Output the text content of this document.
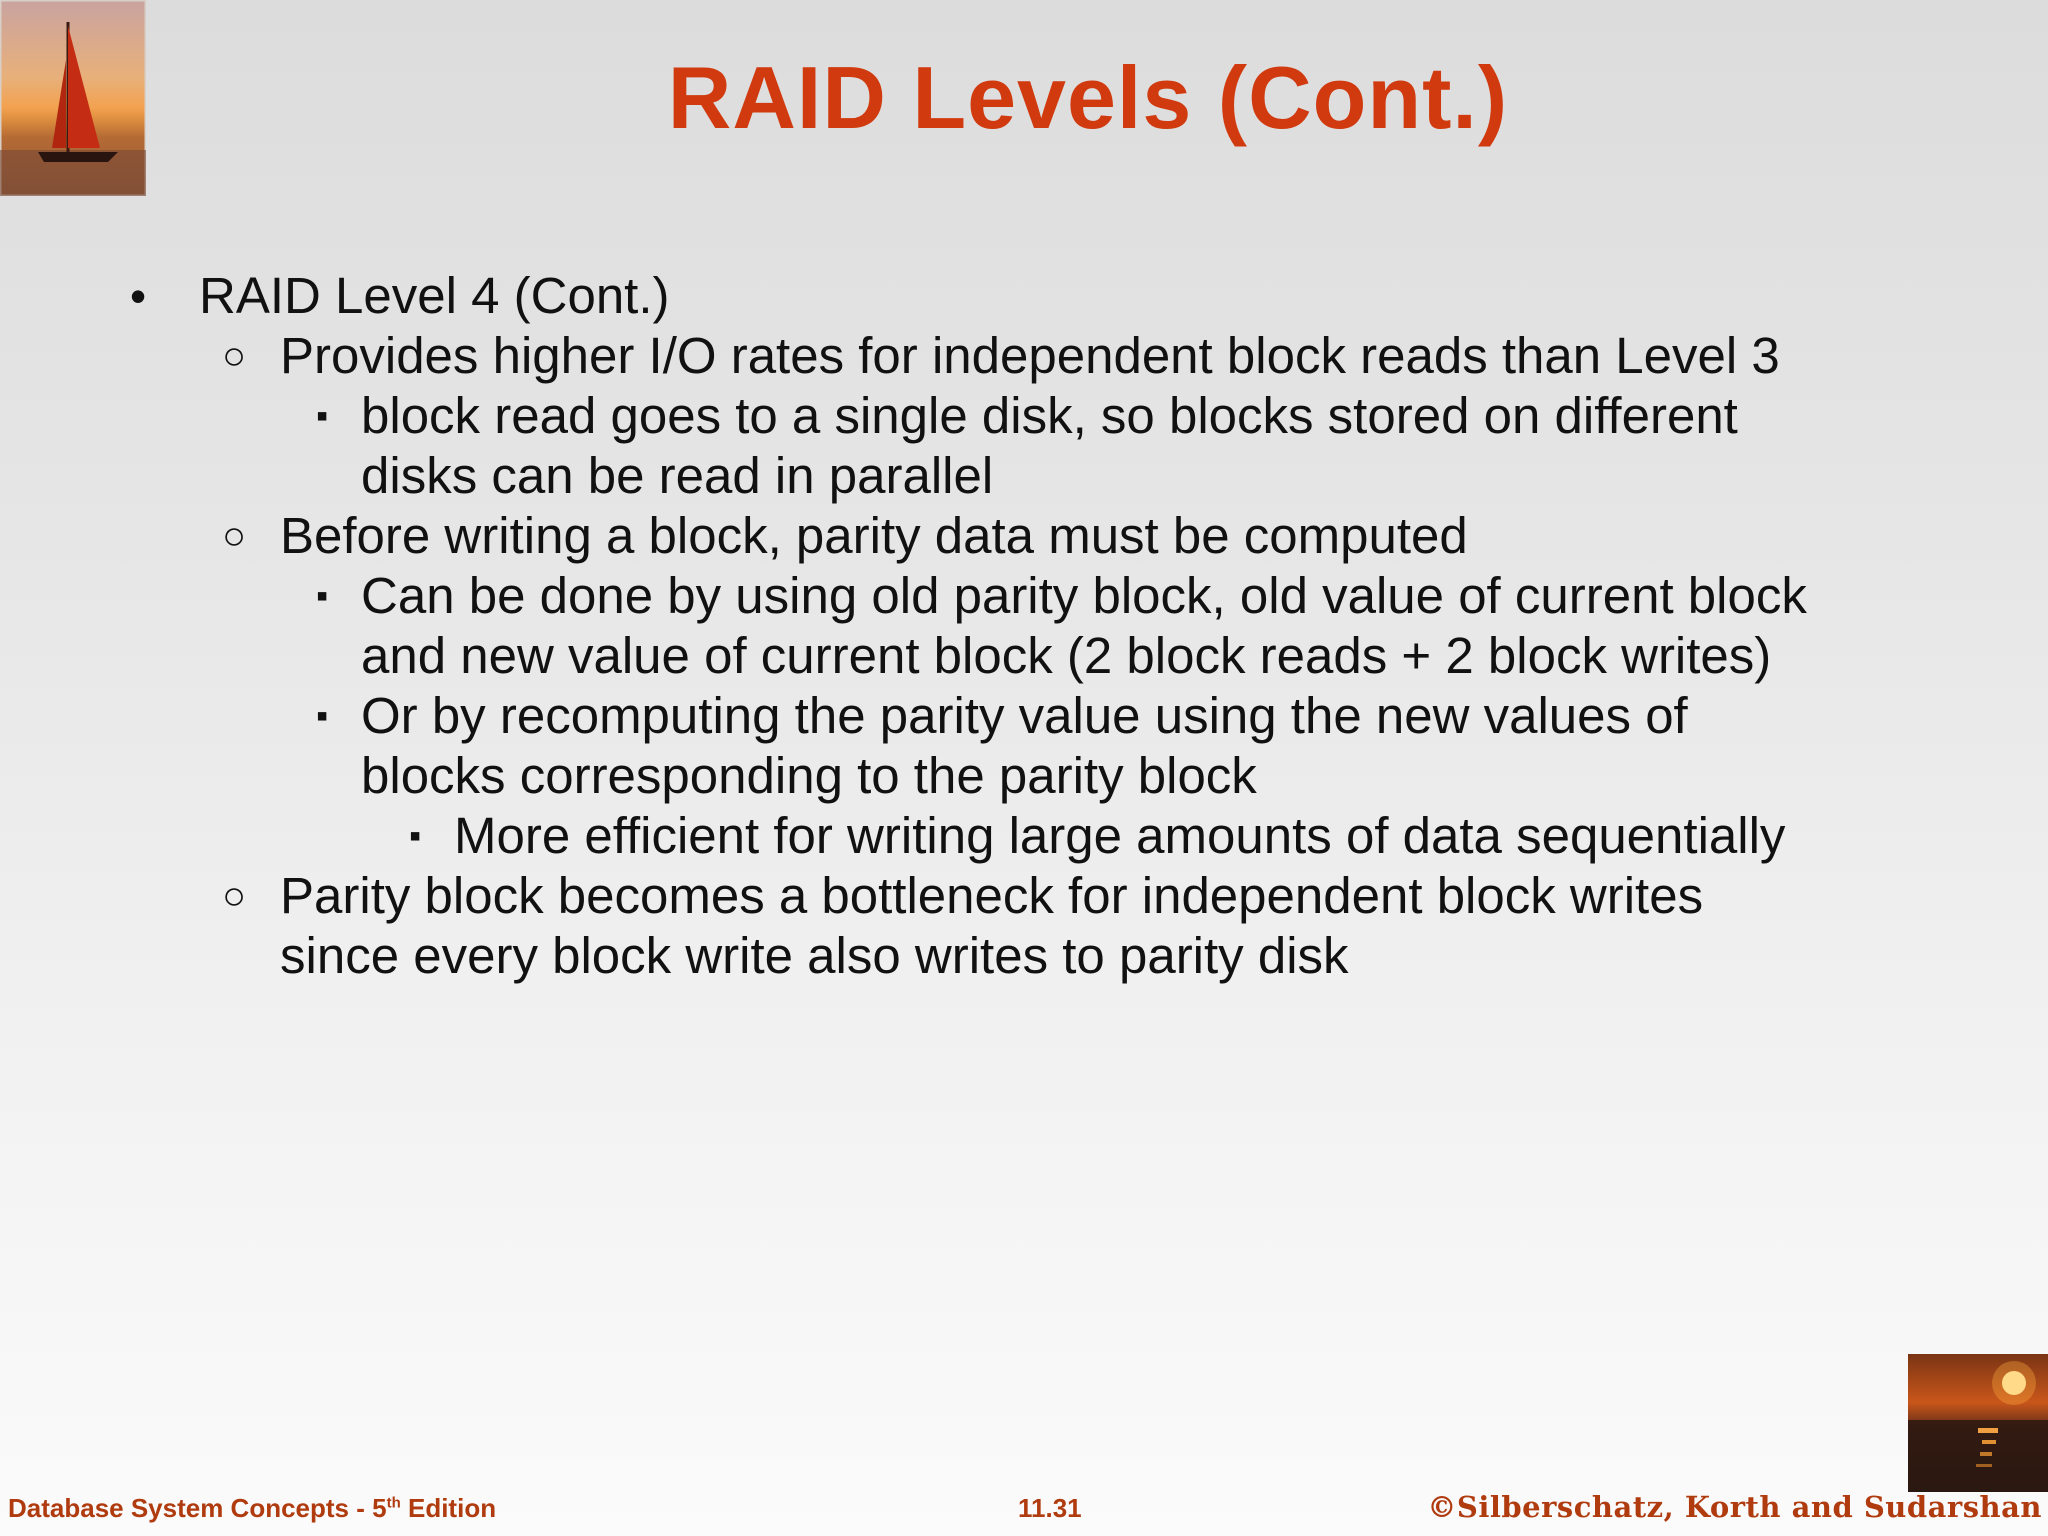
RAID Levels (Cont.)
• RAID Level 4 (Cont.)
○ Provides higher I/O rates for independent block reads than Level 3
▪ block read goes to a single disk, so blocks stored on different
disks can be read in parallel
○ Before writing a block, parity data must be computed
▪ Can be done by using old parity block, old value of current block
and new value of current block (2 block reads + 2 block writes)
▪ Or by recomputing the parity value using the new values of
blocks corresponding to the parity block
▪ More efficient for writing large amounts of data sequentially
○ Parity block becomes a bottleneck for independent block writes
since every block write also writes to parity disk
Database System Concepts - 5th Edition	11.31	©Silberschatz, Korth and Sudarshan
